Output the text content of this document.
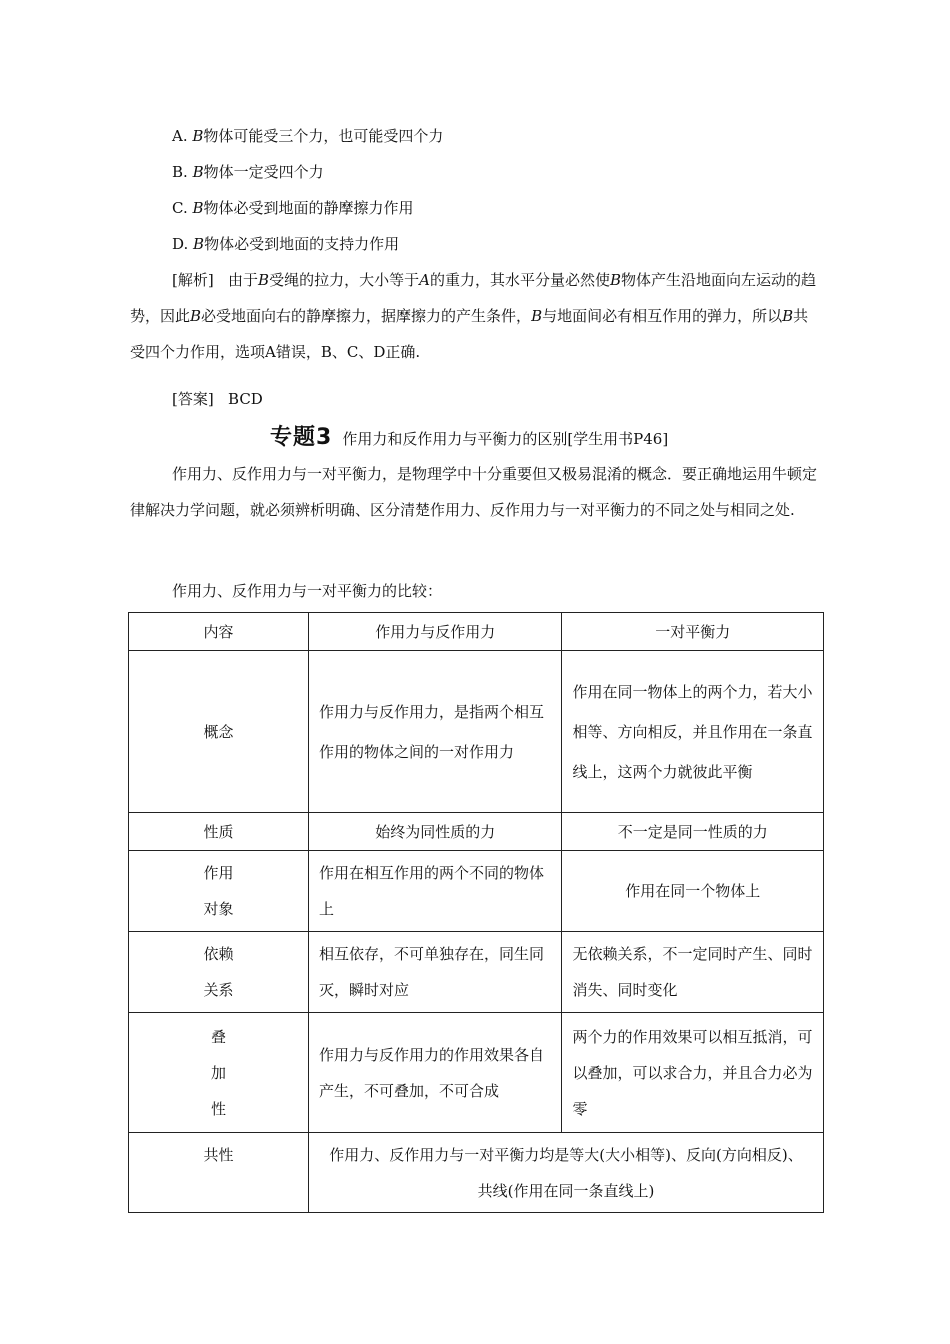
A. B物体可能受三个力，也可能受四个力
B. B物体一定受四个力
C. B物体必受到地面的静摩擦力作用
D. B物体必受到地面的支持力作用
[解析] 由于B受绳的拉力，大小等于A的重力，其水平分量必然使B物体产生沿地面向左运动的趋势，因此B必受地面向右的静摩擦力，据摩擦力的产生条件，B与地面间必有相互作用的弹力，所以B共受四个力作用，选项A错误，B、C、D正确.
[答案] BCD
专题3 作用力和反作用力与平衡力的区别[学生用书P46]
作用力、反作用力与一对平衡力，是物理学中十分重要但又极易混淆的概念．要正确地运用牛顿定律解决力学问题，就必须辨析明确、区分清楚作用力、反作用力与一对平衡力的不同之处与相同之处.
作用力、反作用力与一对平衡力的比较：
内容	作用力与反作用力	一对平衡力
概念	作用力与反作用力，是指两个相互作用的物体之间的一对作用力	作用在同一物体上的两个力，若大小相等、方向相反，并且作用在一条直线上，这两个力就彼此平衡
性质	始终为同性质的力	不一定是同一性质的力
作用对象	作用在相互作用的两个不同的物体上	作用在同一个物体上
依赖关系	相互依存，不可单独存在，同生同灭，瞬时对应	无依赖关系，不一定同时产生、同时消失、同时变化
叠加性	作用力与反作用力的作用效果各自产生，不可叠加，不可合成	两个力的作用效果可以相互抵消，可以叠加，可以求合力，并且合力必为零
共性	作用力、反作用力与一对平衡力均是等大(大小相等)、反向(方向相反)、共线(作用在同一条直线上)	
